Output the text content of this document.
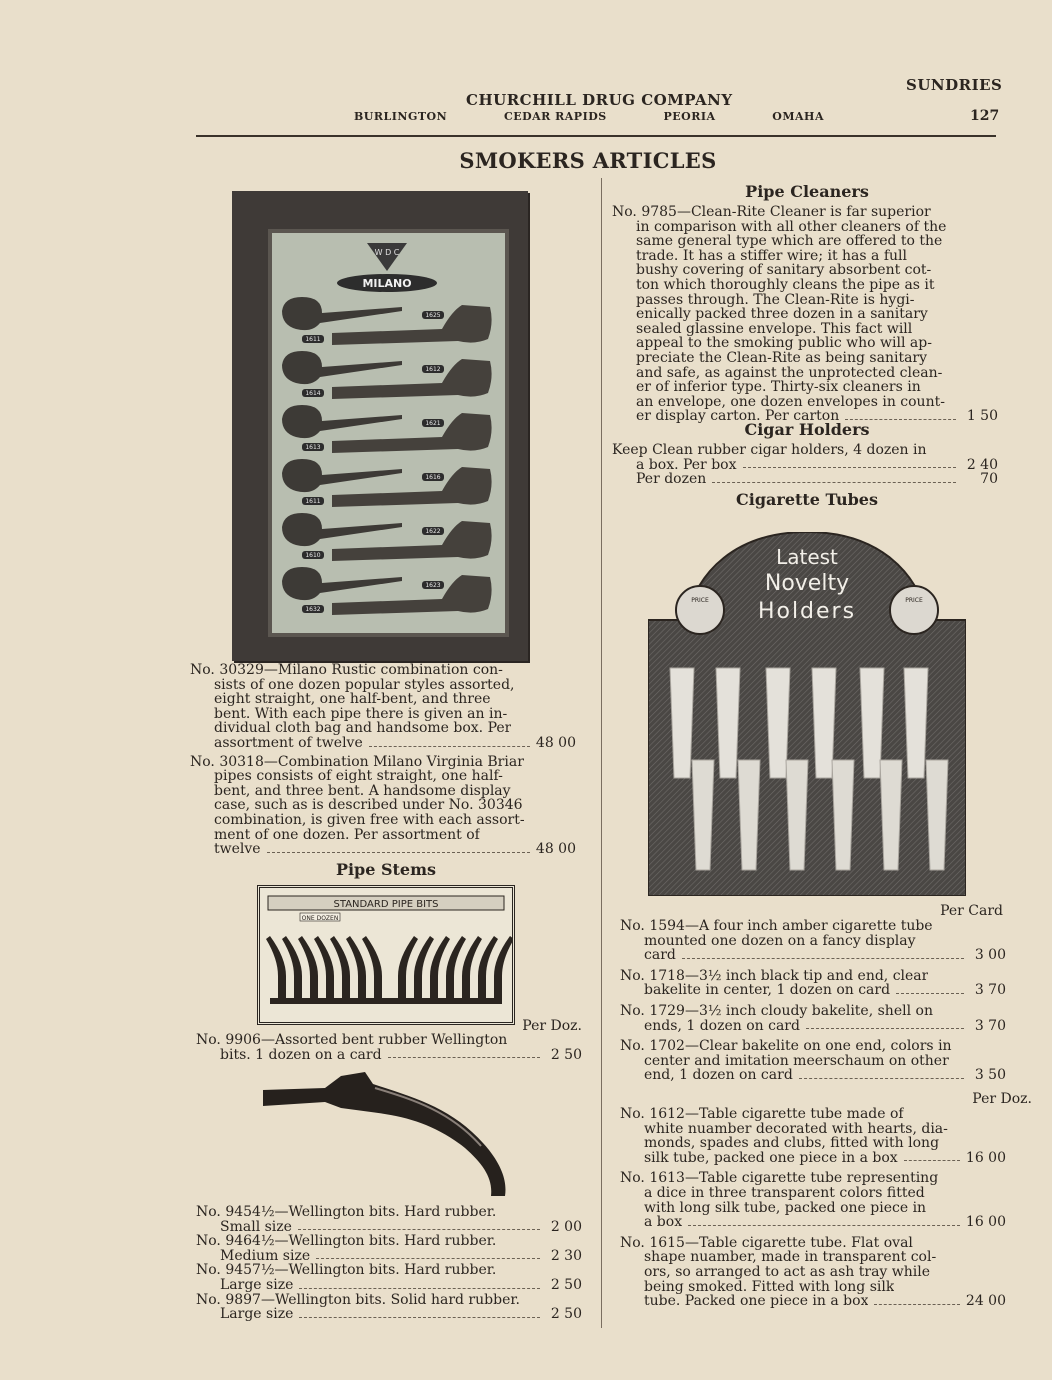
SUNDRIES
CHURCHILL DRUG COMPANY
BURLINGTON	CEDAR RAPIDS	PEORIA	OMAHA	127
SMOKERS ARTICLES
W D C
MILANO
1611
1625
1614
1612
1613
1621
1611
1616
1610
1622
1632
1623
No. 30329—Milano Rustic combination con-
sists of one dozen popular styles assorted,
eight straight, one half-bent, and three
bent. With each pipe there is given an in-
dividual cloth bag and handsome box. Per
assortment of twelve	48 00
No. 30318—Combination Milano Virginia Briar
pipes consists of eight straight, one half-
bent, and three bent. A handsome display
case, such as is described under No. 30346
combination, is given free with each assort-
ment of one dozen. Per assortment of
twelve	48 00
Pipe Stems
STANDARD PIPE BITS
ONE DOZEN
Per Doz.
No. 9906—Assorted bent rubber Wellington
bits. 1 dozen on a card	2 50
No. 9454½—Wellington bits. Hard rubber.
Small size	2 00
No. 9464½—Wellington bits. Hard rubber.
Medium size	2 30
No. 9457½—Wellington bits. Hard rubber.
Large size	2 50
No. 9897—Wellington bits. Solid hard rubber.
Large size	2 50
Pipe Cleaners
No. 9785—Clean-Rite Cleaner is far superior
in comparison with all other cleaners of the
same general type which are offered to the
trade. It has a stiffer wire; it has a full
bushy covering of sanitary absorbent cot-
ton which thoroughly cleans the pipe as it
passes through. The Clean-Rite is hygi-
enically packed three dozen in a sanitary
sealed glassine envelope. This fact will
appeal to the smoking public who will ap-
preciate the Clean-Rite as being sanitary
and safe, as against the unprotected clean-
er of inferior type. Thirty-six cleaners in
an envelope, one dozen envelopes in count-
er display carton. Per carton	1 50
Cigar Holders
Keep Clean rubber cigar holders, 4 dozen in
a box. Per box	2 40
Per dozen	70
Cigarette Tubes
PRICE	PRICE
Latest
Novelty
Holders
Per Card
No. 1594—A four inch amber cigarette tube
mounted one dozen on a fancy display
card	3 00
No. 1718—3½ inch black tip and end, clear
bakelite in center, 1 dozen on card	3 70
No. 1729—3½ inch cloudy bakelite, shell on
ends, 1 dozen on card	3 70
No. 1702—Clear bakelite on one end, colors in
center and imitation meerschaum on other
end, 1 dozen on card	3 50
Per Doz.
No. 1612—Table cigarette tube made of
white nuamber decorated with hearts, dia-
monds, spades and clubs, fitted with long
silk tube, packed one piece in a box	16 00
No. 1613—Table cigarette tube representing
a dice in three transparent colors fitted
with long silk tube, packed one piece in
a box	16 00
No. 1615—Table cigarette tube. Flat oval
shape nuamber, made in transparent col-
ors, so arranged to act as ash tray while
being smoked. Fitted with long silk
tube. Packed one piece in a box	24 00
